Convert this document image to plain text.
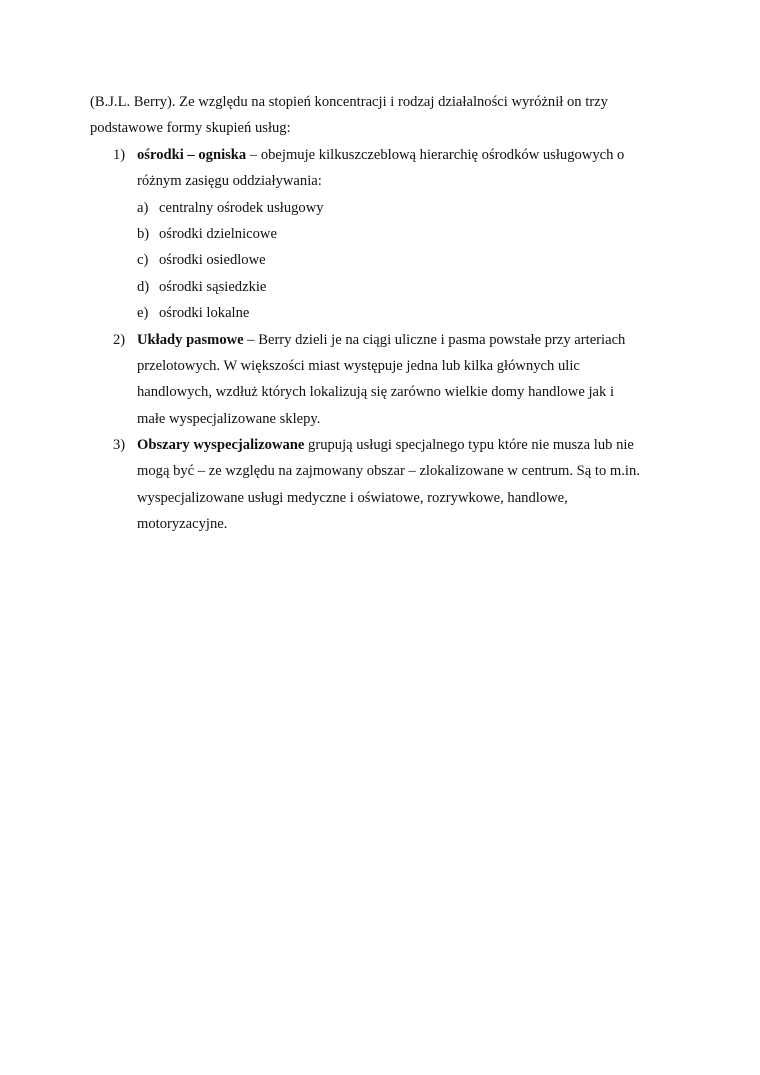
(B.J.L. Berry). Ze względu na stopień koncentracji i rodzaj działalności wyróżnił on trzy
podstawowe formy skupień usług:
1) ośrodki – ogniska – obejmuje kilkuszczeblową hierarchię ośrodków usługowych o
różnym zasięgu oddziaływania:
a) centralny ośrodek usługowy
b) ośrodki dzielnicowe
c) ośrodki osiedlowe
d) ośrodki sąsiedzkie
e) ośrodki lokalne
2) Układy pasmowe – Berry dzieli je na ciągi uliczne i pasma powstałe przy arteriach
przelotowych. W większości miast występuje jedna lub kilka głównych ulic
handlowych, wzdłuż których lokalizują się zarówno wielkie domy handlowe jak i
małe wyspecjalizowane sklepy.
3) Obszary wyspecjalizowane grupują usługi specjalnego typu które nie musza lub nie
mogą być – ze względu na zajmowany obszar – zlokalizowane w centrum. Są to m.in.
wyspecjalizowane usługi medyczne i oświatowe, rozrywkowe, handlowe,
motoryzacyjne.
